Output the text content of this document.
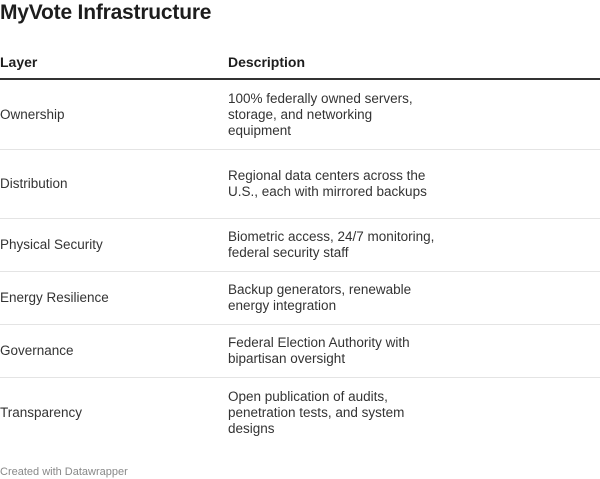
MyVote Infrastructure
Layer	Description
Ownership
100% federally owned servers, storage, and networking equipment
Distribution
Regional data centers across the U.S., each with mirrored backups
Physical Security
Biometric access, 24/7 monitoring, federal security staff
Energy Resilience
Backup generators, renewable energy integration
Governance
Federal Election Authority with bipartisan oversight
Transparency
Open publication of audits, penetration tests, and system designs
Created with Datawrapper
